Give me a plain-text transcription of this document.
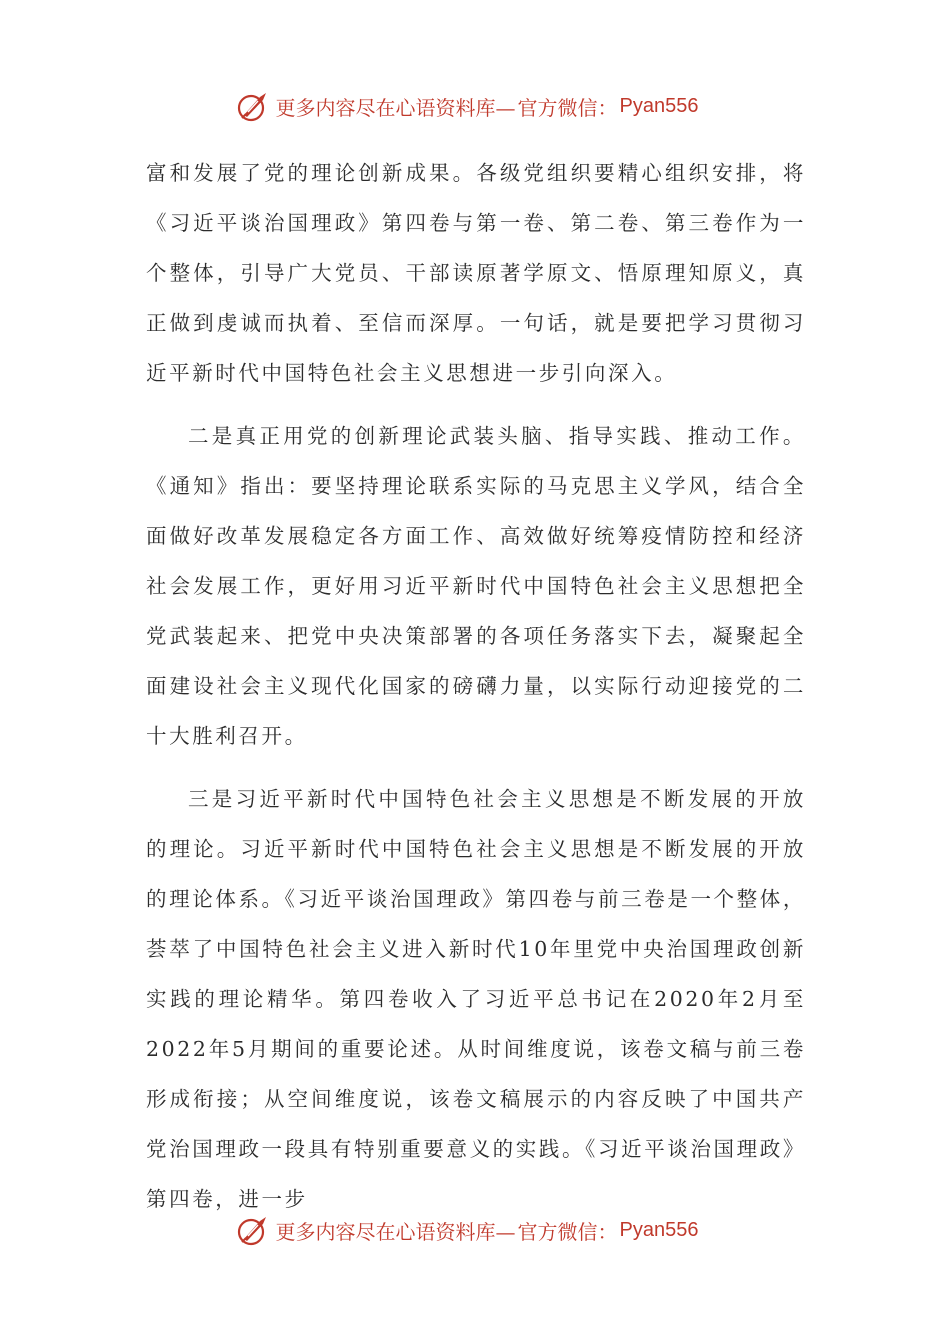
更多内容尽在心语资料库— 官方微信： Pyan556

富和发展了党的理论创新成果。各级党组织要精心组织安排，将《习近平谈治国理政》第四卷与第一卷、第二卷、第三卷作为一个整体，引导广大党员、干部读原著学原文、悟原理知原义，真正做到虔诚而执着、至信而深厚。一句话，就是要把学习贯彻习近平新时代中国特色社会主义思想进一步引向深入。

二是真正用党的创新理论武装头脑、指导实践、推动工作。《通知》指出：要坚持理论联系实际的马克思主义学风，结合全面做好改革发展稳定各方面工作、高效做好统筹疫情防控和经济社会发展工作，更好用习近平新时代中国特色社会主义思想把全党武装起来、把党中央决策部署的各项任务落实下去，凝聚起全面建设社会主义现代化国家的磅礴力量，以实际行动迎接党的二十大胜利召开。

三是习近平新时代中国特色社会主义思想是不断发展的开放的理论。习近平新时代中国特色社会主义思想是不断发展的开放的理论体系。《习近平谈治国理政》第四卷与前三卷是一个整体，荟萃了中国特色社会主义进入新时代10年里党中央治国理政创新实践的理论精华。第四卷收入了习近平总书记在2020年2月至2022年5月期间的重要论述。从时间维度说，该卷文稿与前三卷形成衔接；从空间维度说，该卷文稿展示的内容反映了中国共产党治国理政一段具有特别重要意义的实践。《习近平谈治国理政》第四卷，进一步

更多内容尽在心语资料库— 官方微信： Pyan556
